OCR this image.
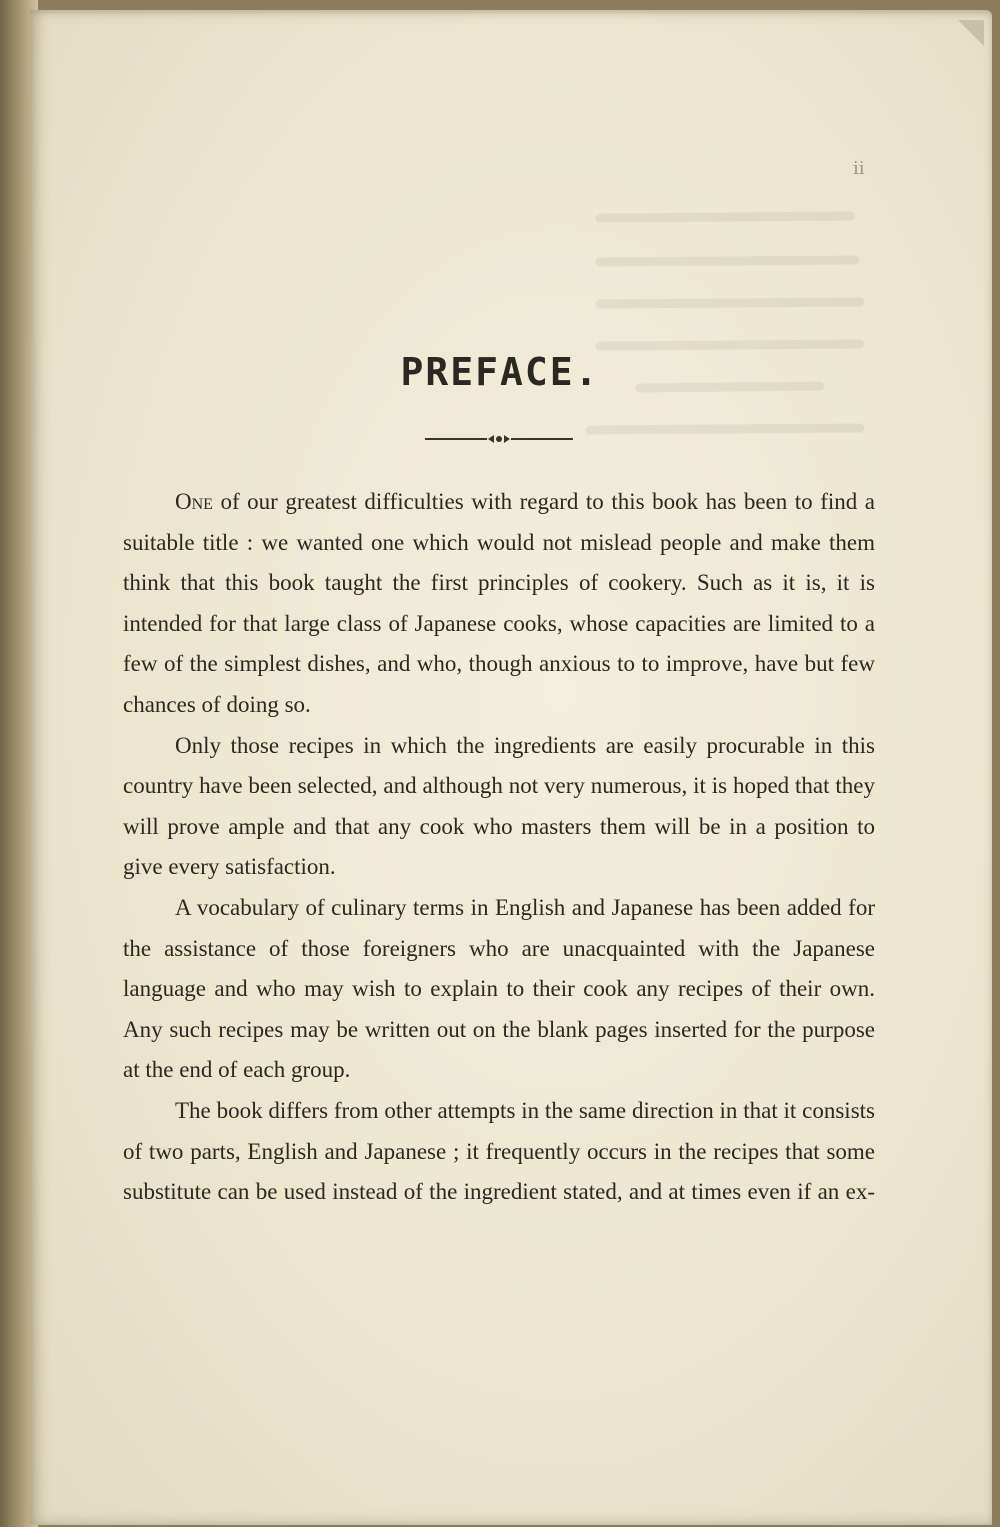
ii
PREFACE.

One of our greatest difficulties with regard to this book has been to find a suitable title : we wanted one which would not mislead people and make them think that this book taught the first principles of cookery. Such as it is, it is intended for that large class of Japanese cooks, whose capacities are limited to a few of the simplest dishes, and who, though anxious to to improve, have but few chances of doing so.

Only those recipes in which the ingredients are easily procurable in this country have been selected, and although not very numerous, it is hoped that they will prove ample and that any cook who masters them will be in a position to give every satisfaction.

A vocabulary of culinary terms in English and Japanese has been added for the assistance of those foreigners who are unacquainted with the Japanese language and who may wish to explain to their cook any recipes of their own. Any such recipes may be written out on the blank pages inserted for the purpose at the end of each group.

The book differs from other attempts in the same direction in that it consists of two parts, English and Japanese ; it frequently occurs in the recipes that some substitute can be used instead of the ingredient stated, and at times even if an ex-
